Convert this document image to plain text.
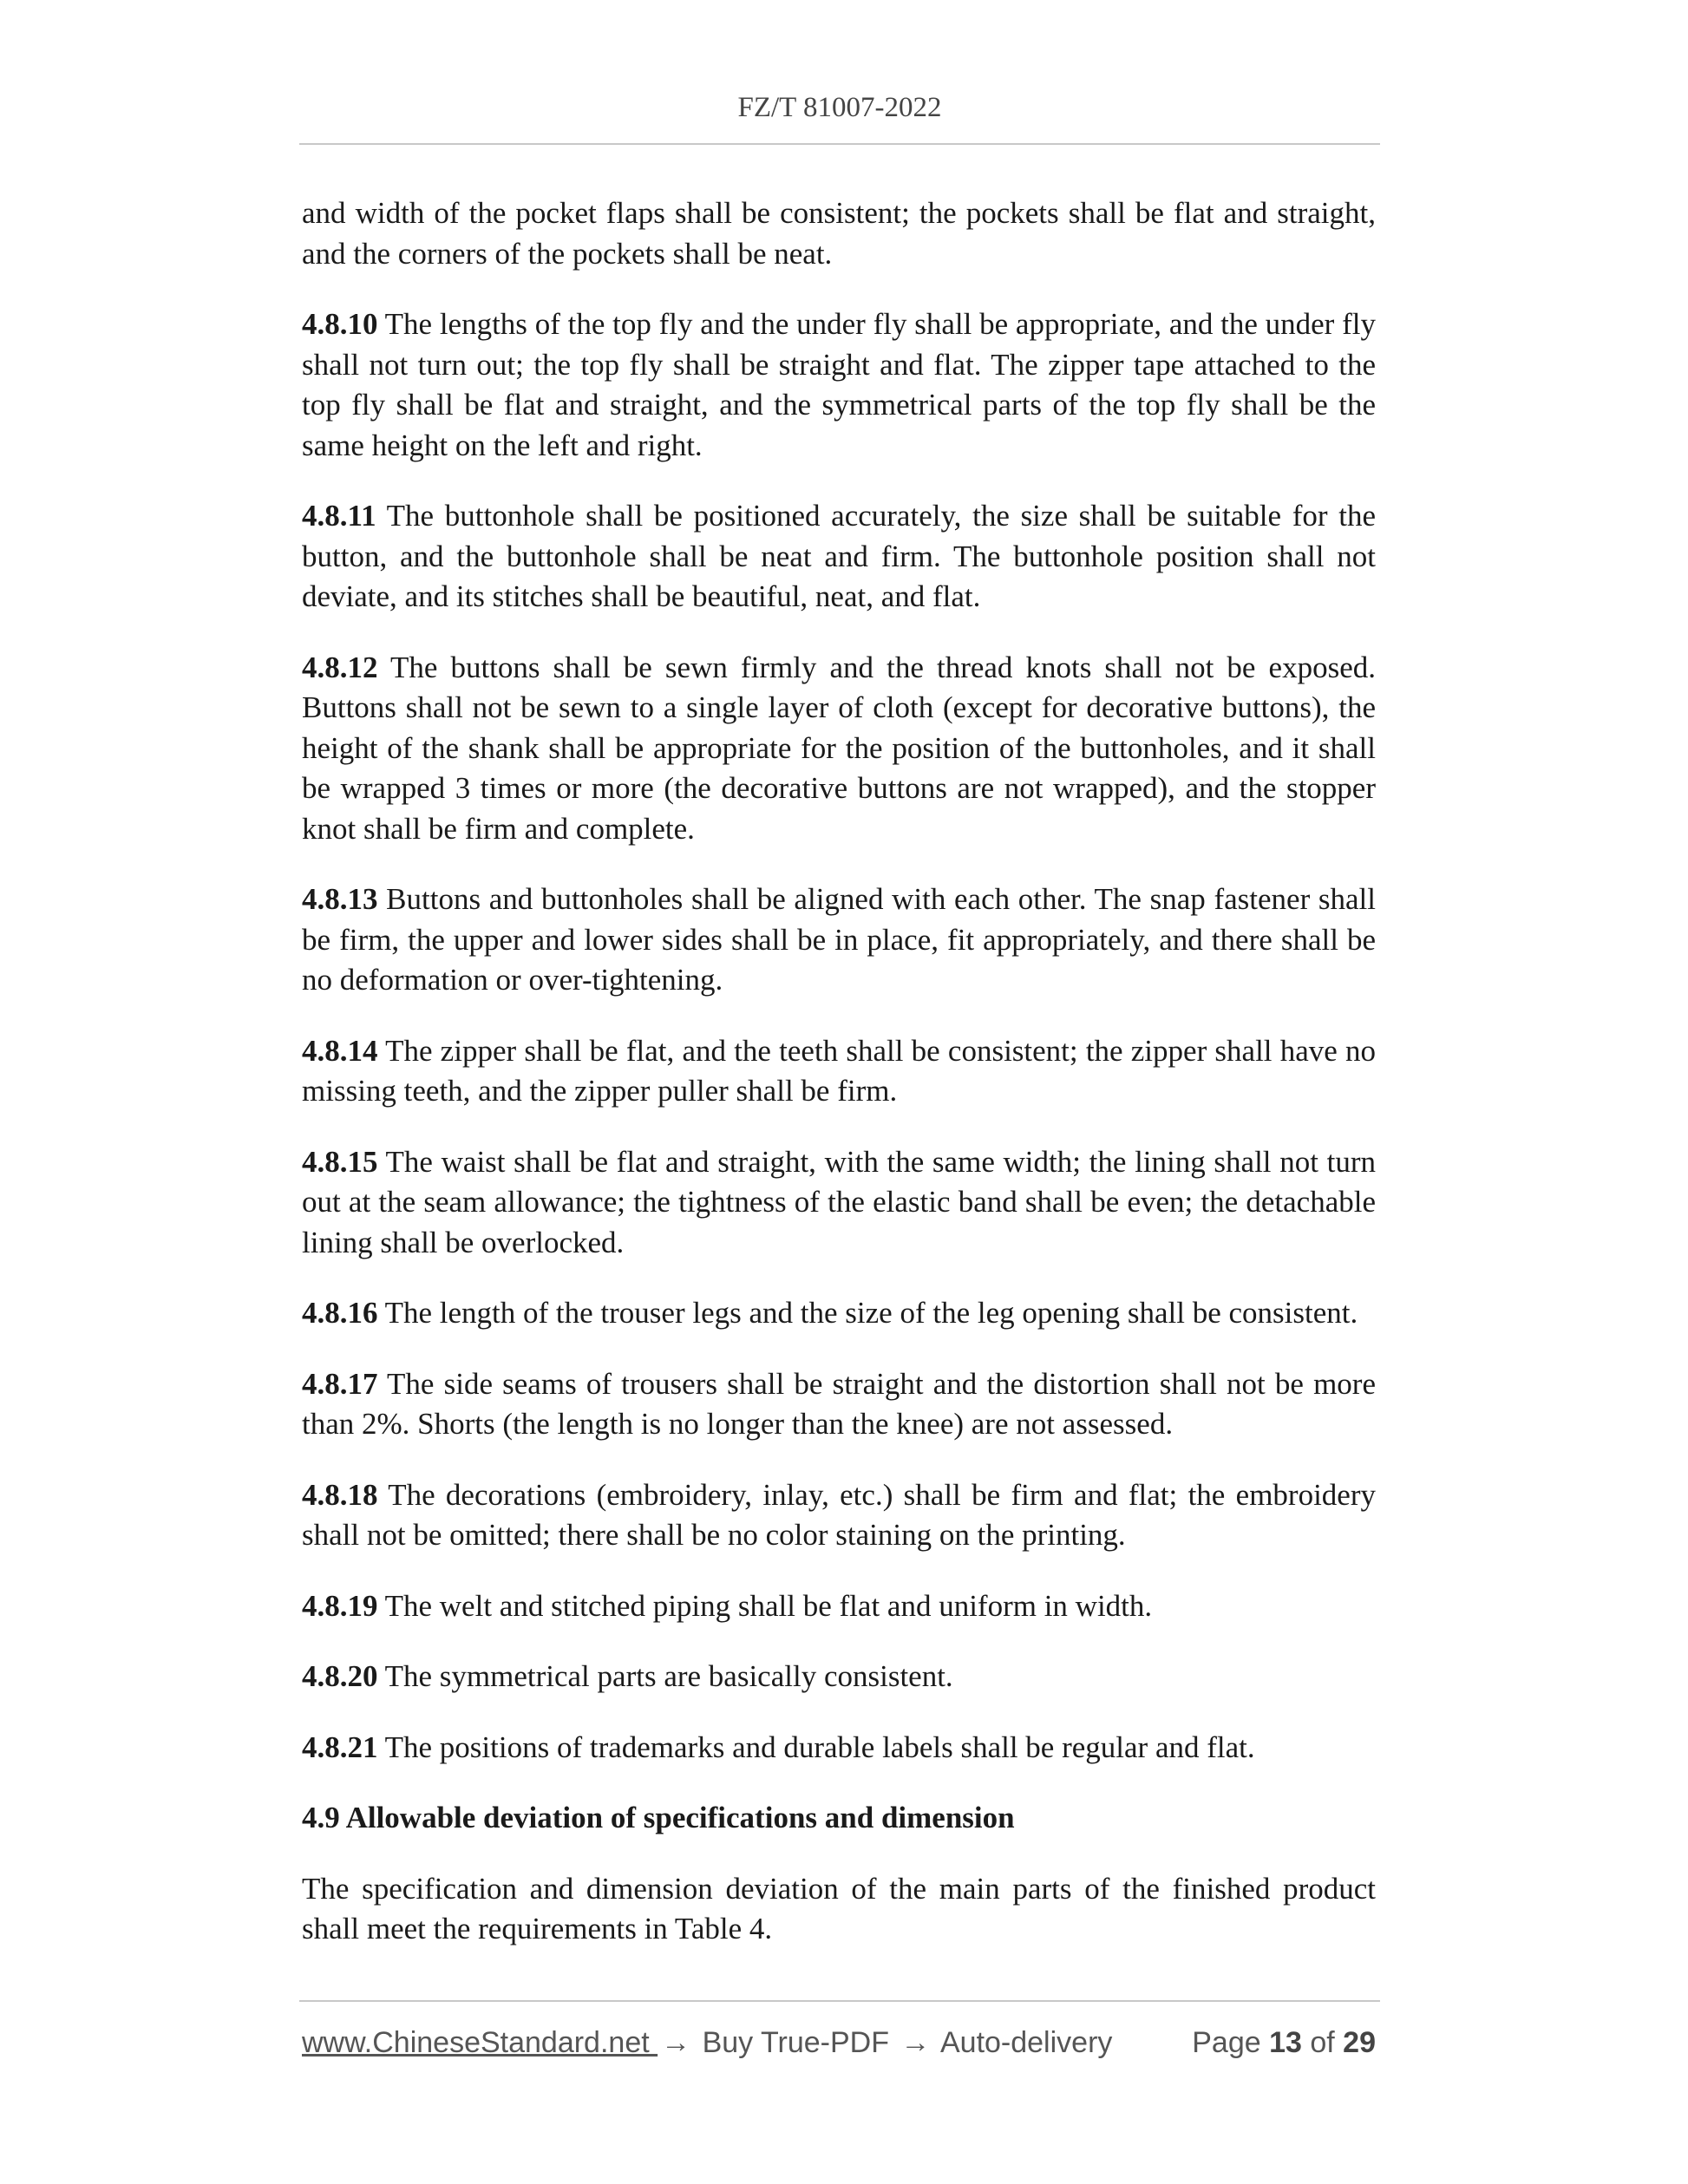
FZ/T 81007-2022

and width of the pocket flaps shall be consistent; the pockets shall be flat and straight, and the corners of the pockets shall be neat.

4.8.10 The lengths of the top fly and the under fly shall be appropriate, and the under fly shall not turn out; the top fly shall be straight and flat. The zipper tape attached to the top fly shall be flat and straight, and the symmetrical parts of the top fly shall be the same height on the left and right.

4.8.11 The buttonhole shall be positioned accurately, the size shall be suitable for the button, and the buttonhole shall be neat and firm. The buttonhole position shall not deviate, and its stitches shall be beautiful, neat, and flat.

4.8.12 The buttons shall be sewn firmly and the thread knots shall not be exposed. Buttons shall not be sewn to a single layer of cloth (except for decorative buttons), the height of the shank shall be appropriate for the position of the buttonholes, and it shall be wrapped 3 times or more (the decorative buttons are not wrapped), and the stopper knot shall be firm and complete.

4.8.13 Buttons and buttonholes shall be aligned with each other. The snap fastener shall be firm, the upper and lower sides shall be in place, fit appropriately, and there shall be no deformation or over-tightening.

4.8.14 The zipper shall be flat, and the teeth shall be consistent; the zipper shall have no missing teeth, and the zipper puller shall be firm.

4.8.15 The waist shall be flat and straight, with the same width; the lining shall not turn out at the seam allowance; the tightness of the elastic band shall be even; the detachable lining shall be overlocked.

4.8.16 The length of the trouser legs and the size of the leg opening shall be consistent.

4.8.17 The side seams of trousers shall be straight and the distortion shall not be more than 2%. Shorts (the length is no longer than the knee) are not assessed.

4.8.18 The decorations (embroidery, inlay, etc.) shall be firm and flat; the embroidery shall not be omitted; there shall be no color staining on the printing.

4.8.19 The welt and stitched piping shall be flat and uniform in width.

4.8.20 The symmetrical parts are basically consistent.

4.8.21 The positions of trademarks and durable labels shall be regular and flat.

4.9 Allowable deviation of specifications and dimension

The specification and dimension deviation of the main parts of the finished product shall meet the requirements in Table 4.

www.ChineseStandard.net → Buy True-PDF → Auto-delivery	Page 13 of 29
